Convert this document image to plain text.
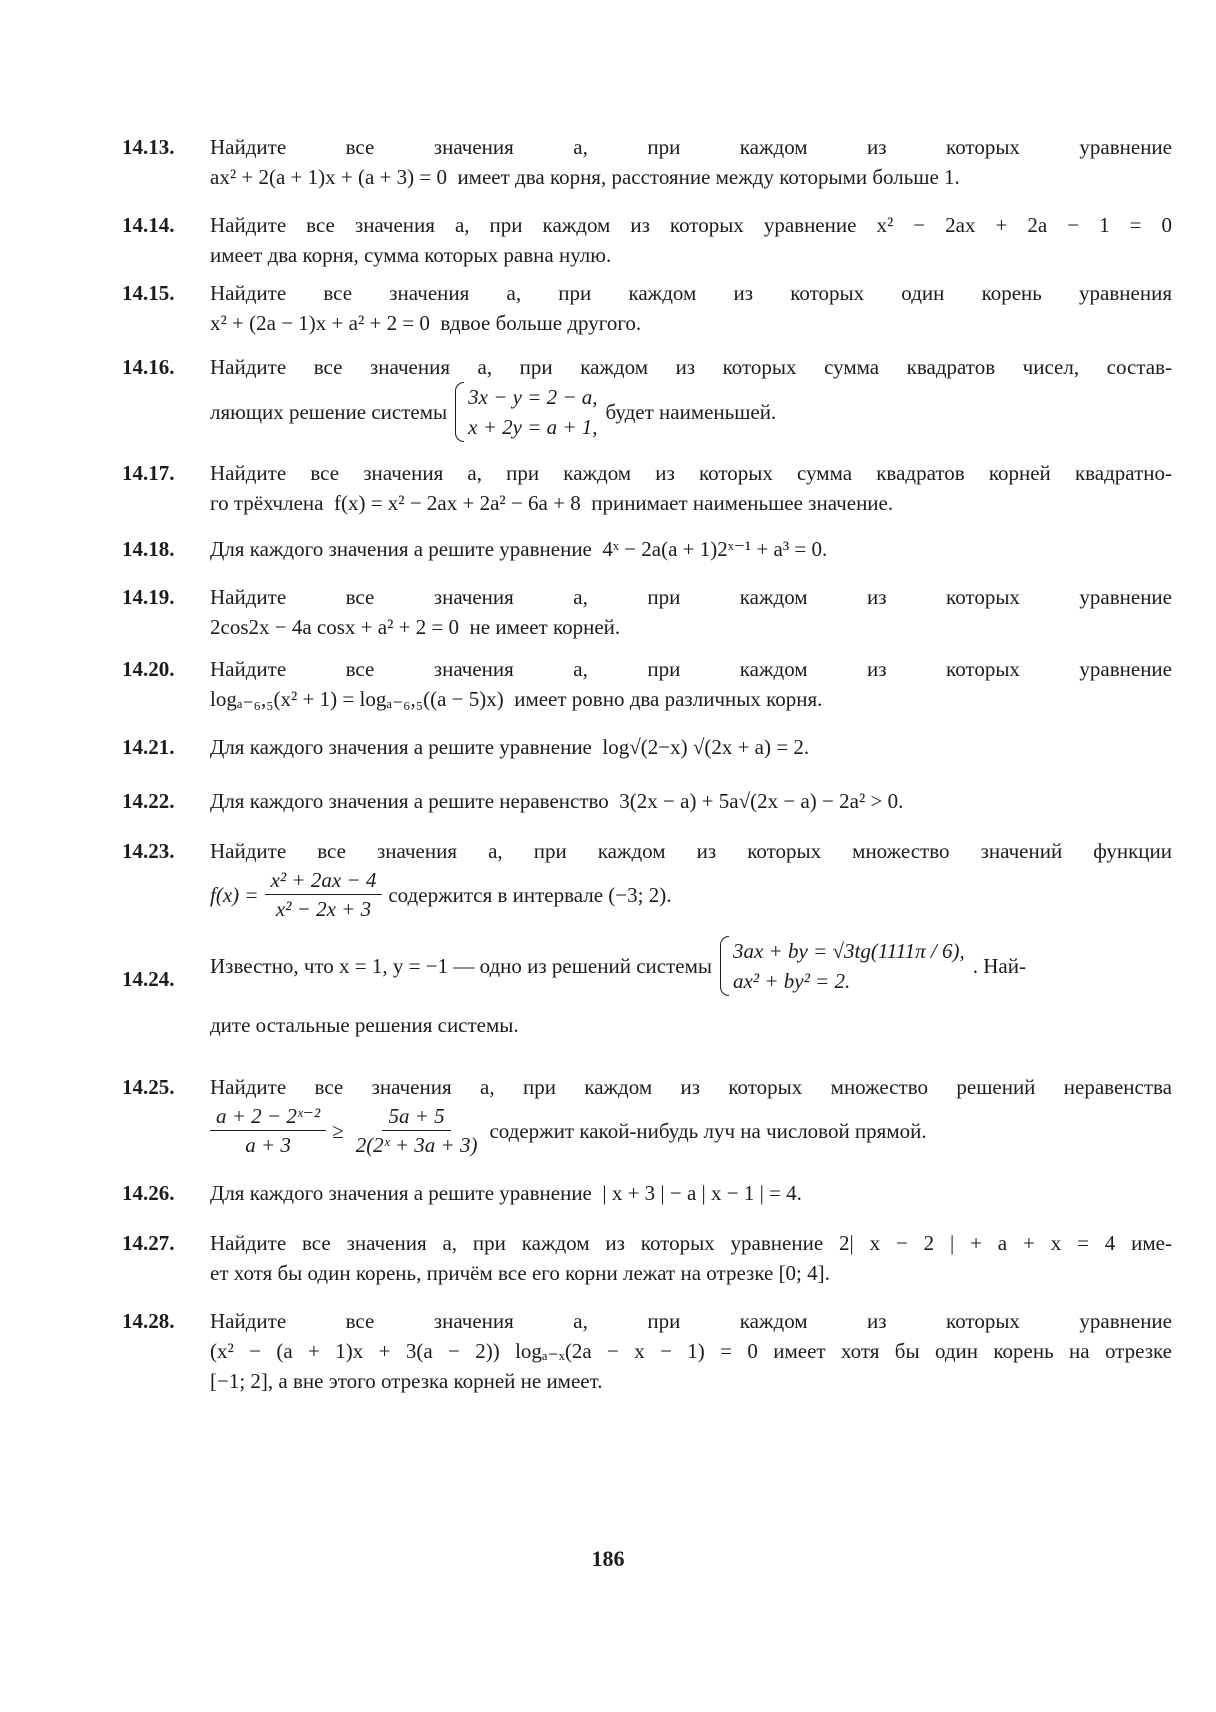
14.13.	Найдите все значения a, при каждом из которых уравнение
ax² + 2(a + 1)x + (a + 3) = 0  имеет два корня, расстояние между которыми больше 1.
14.14.	Найдите все значения a, при каждом из которых уравнение x² − 2ax + 2a − 1 = 0
имеет два корня, сумма которых равна нулю.
14.15.	Найдите все значения a, при каждом из которых один корень уравнения
x² + (2a − 1)x + a² + 2 = 0  вдвое больше другого.
14.16.	Найдите все значения a, при каждом из которых сумма квадратов чисел, состав-
ляющих решение системы
3x − y = 2 − a,
x + 2y = a + 1,
будет наименьшей.
14.17.	Найдите все значения a, при каждом из которых сумма квадратов корней квадратно-
го трёхчлена  f(x) = x² − 2ax + 2a² − 6a + 8  принимает наименьшее значение.
14.18.	Для каждого значения a решите уравнение  4ˣ − 2a(a + 1)2ˣ⁻¹ + a³ = 0.
14.19.	Найдите все значения a, при каждом из которых уравнение
2cos2x − 4a cosx + a² + 2 = 0  не имеет корней.
14.20.	Найдите все значения a, при каждом из которых уравнение
logₐ₋₆,₅(x² + 1) = logₐ₋₆,₅((a − 5)x)  имеет ровно два различных корня.
14.21.	Для каждого значения a решите уравнение  log√(2−x) √(2x + a) = 2.
14.22.	Для каждого значения a решите неравенство  3(2x − a) + 5a√(2x − a) − 2a² > 0.
14.23.	Найдите все значения a, при каждом из которых множество значений функции
$f(x) = \frac{\text{x² + 2ax − 4}}{\text{x² − 2x + 3}}$ содержится в интервале (−3; 2).
14.24.
Известно, что x = 1, y = −1 — одно из решений системы
3ax + by = √3tg(1111π / 6),
ax² + by² = 2.
. Най-
дите остальные решения системы.
14.25.	Найдите все значения a, при каждом из которых множество решений неравенства
$\frac{\text{a + 2 − 2ˣ⁻²}}{a + 3} \ge \frac{5a + 5}{\text{2(2ˣ + 3a + 3)}}$ содержит какой-нибудь луч на числовой прямой.
14.26.	Для каждого значения a решите уравнение  | x + 3 | − a | x − 1 | = 4.
14.27.	Найдите все значения a, при каждом из которых уравнение 2| x − 2 | + a + x = 4 име-
ет хотя бы один корень, причём все его корни лежат на отрезке [0; 4].
14.28.	Найдите все значения a, при каждом из которых уравнение
(x² − (a + 1)x + 3(a − 2)) logₐ₋ₓ(2a − x − 1) = 0 имеет хотя бы один корень на отрезке
[−1; 2], а вне этого отрезка корней не имеет.
186
